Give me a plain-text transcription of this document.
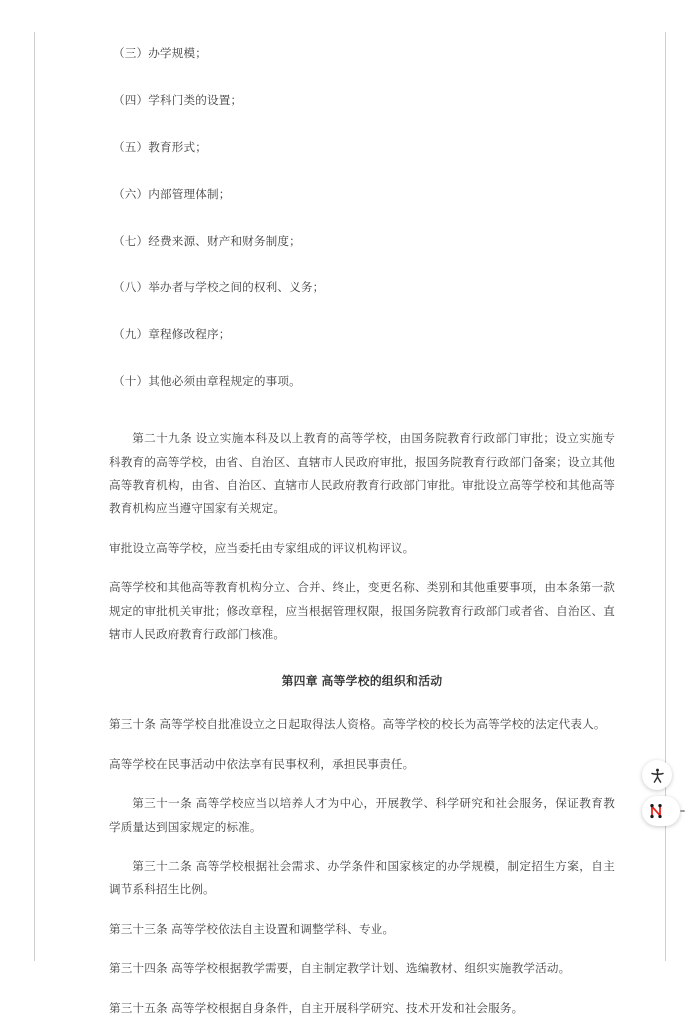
（三）办学规模；

（四）学科门类的设置；

（五）教育形式；

（六）内部管理体制；

（七）经费来源、财产和财务制度；

（八）举办者与学校之间的权利、义务；

（九）章程修改程序；

（十）其他必须由章程规定的事项。

第二十九条 设立实施本科及以上教育的高等学校，由国务院教育行政部门审批；设立实施专科教育的高等学校，由省、自治区、直辖市人民政府审批，报国务院教育行政部门备案；设立其他高等教育机构，由省、自治区、直辖市人民政府教育行政部门审批。审批设立高等学校和其他高等教育机构应当遵守国家有关规定。

审批设立高等学校，应当委托由专家组成的评议机构评议。

高等学校和其他高等教育机构分立、合并、终止，变更名称、类别和其他重要事项，由本条第一款规定的审批机关审批；修改章程，应当根据管理权限，报国务院教育行政部门或者省、自治区、直辖市人民政府教育行政部门核准。

第四章 高等学校的组织和活动

第三十条 高等学校自批准设立之日起取得法人资格。高等学校的校长为高等学校的法定代表人。

高等学校在民事活动中依法享有民事权利，承担民事责任。

第三十一条 高等学校应当以培养人才为中心，开展教学、科学研究和社会服务，保证教育教学质量达到国家规定的标准。

第三十二条 高等学校根据社会需求、办学条件和国家核定的办学规模，制定招生方案，自主调节系科招生比例。

第三十三条 高等学校依法自主设置和调整学科、专业。

第三十四条 高等学校根据教学需要，自主制定教学计划、选编教材、组织实施教学活动。

第三十五条 高等学校根据自身条件，自主开展科学研究、技术开发和社会服务。
